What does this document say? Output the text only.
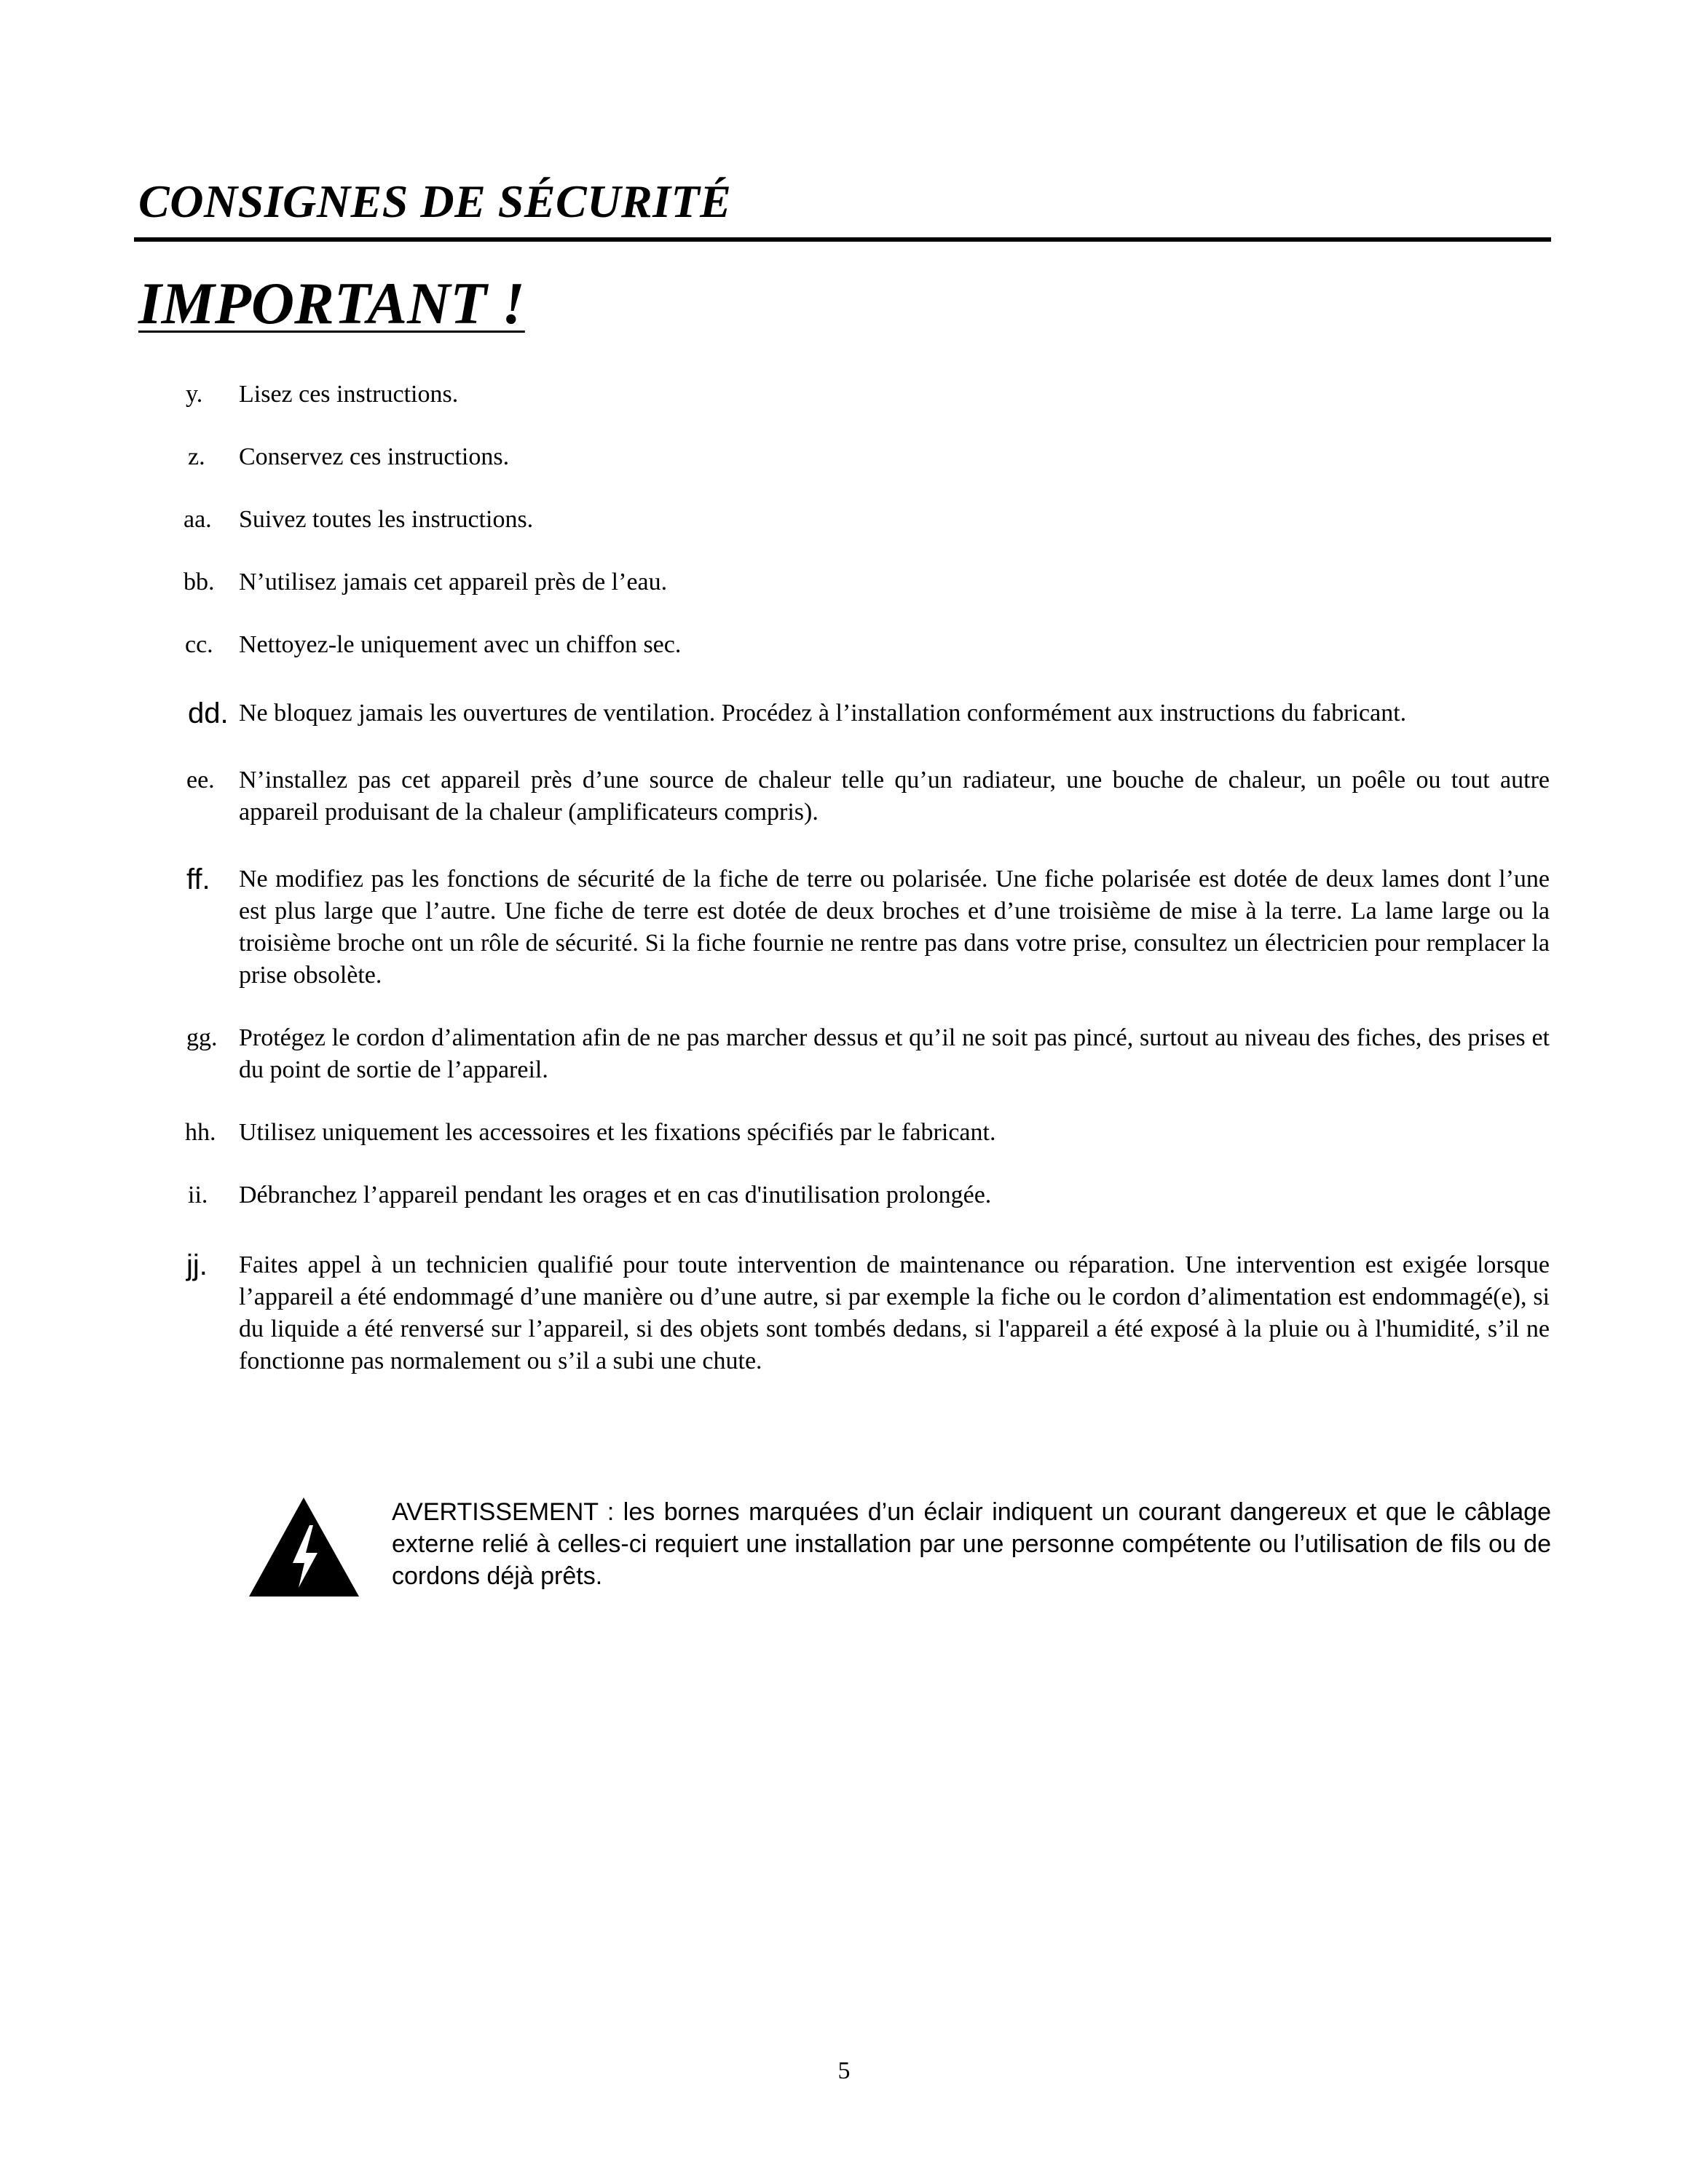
CONSIGNES DE SÉCURITÉ
IMPORTANT !
y.	Lisez ces instructions.
z.	Conservez ces instructions.
aa.	Suivez toutes les instructions.
bb. N’utilisez jamais cet appareil près de l’eau.
cc.	Nettoyez-le uniquement avec un chiffon sec.
dd. Ne bloquez jamais les ouvertures de ventilation. Procédez à l’installation conformément aux instructions du fabricant.
ee. N’installez pas cet appareil près d’une source de chaleur telle qu’un radiateur, une bouche de chaleur, un poêle ou tout autre appareil produisant de la chaleur (amplificateurs compris).
ff.	Ne modifiez pas les fonctions de sécurité de la fiche de terre ou polarisée. Une fiche polarisée est dotée de deux lames dont l’une est plus large que l’autre. Une fiche de terre est dotée de deux broches et d’une troisième de mise à la terre. La lame large ou la troisième broche ont un rôle de sécurité. Si la fiche fournie ne rentre pas dans votre prise, consultez un électricien pour remplacer la prise obsolète.
gg. Protégez le cordon d’alimentation afin de ne pas marcher dessus et qu’il ne soit pas pincé, surtout au niveau des fiches, des prises et du point de sortie de l’appareil.
hh. Utilisez uniquement les accessoires et les fixations spécifiés par le fabricant.
ii.	Débranchez l’appareil pendant les orages et en cas d'inutilisation prolongée.
jj.	Faites appel à un technicien qualifié pour toute intervention de maintenance ou réparation. Une intervention est exigée lorsque l’appareil a été endommagé d’une manière ou d’une autre, si par exemple la fiche ou le cordon d’alimentation est endommagé(e), si du liquide a été renversé sur l’appareil, si des objets sont tombés dedans, si l'appareil a été exposé à la pluie ou à l'humidité, s’il ne fonctionne pas normalement ou s’il a subi une chute.

AVERTISSEMENT : les bornes marquées d’un éclair indiquent un courant dangereux et que le câblage externe relié à celles-ci requiert une installation par une personne compétente ou l’utilisation de fils ou de cordons déjà prêts.

5
